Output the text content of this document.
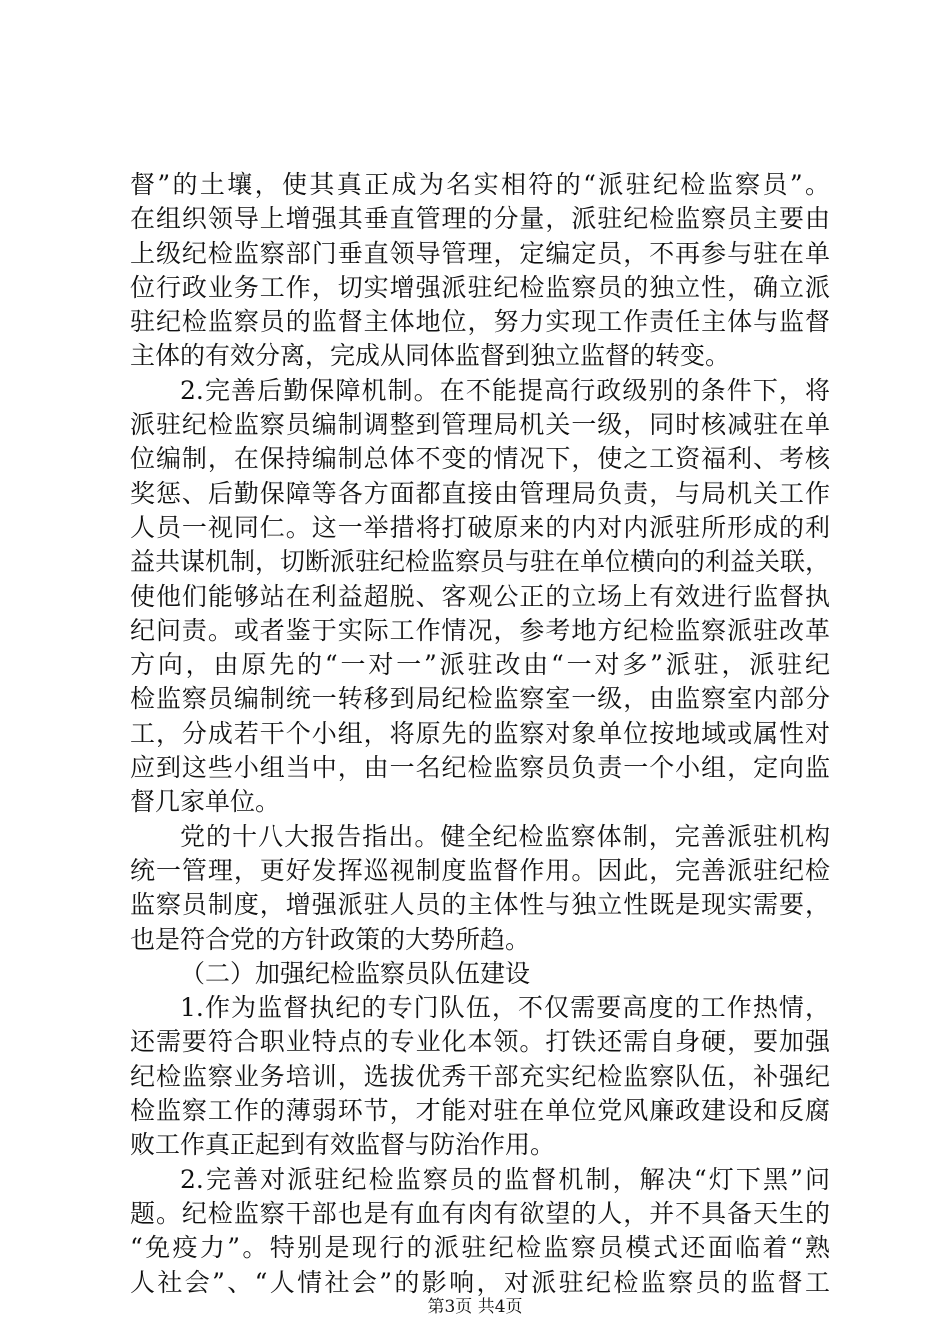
督”的土壤，使其真正成为名实相符的“派驻纪检监察员”。
在组织领导上增强其垂直管理的分量，派驻纪检监察员主要由
上级纪检监察部门垂直领导管理，定编定员，不再参与驻在单
位行政业务工作，切实增强派驻纪检监察员的独立性，确立派
驻纪检监察员的监督主体地位，努力实现工作责任主体与监督
主体的有效分离，完成从同体监督到独立监督的转变。
2.完善后勤保障机制。在不能提高行政级别的条件下，将
派驻纪检监察员编制调整到管理局机关一级，同时核减驻在单
位编制，在保持编制总体不变的情况下，使之工资福利、考核
奖惩、后勤保障等各方面都直接由管理局负责，与局机关工作
人员一视同仁。这一举措将打破原来的内对内派驻所形成的利
益共谋机制，切断派驻纪检监察员与驻在单位横向的利益关联，
使他们能够站在利益超脱、客观公正的立场上有效进行监督执
纪问责。或者鉴于实际工作情况，参考地方纪检监察派驻改革
方向，由原先的“一对一”派驻改由“一对多”派驻，派驻纪
检监察员编制统一转移到局纪检监察室一级，由监察室内部分
工，分成若干个小组，将原先的监察对象单位按地域或属性对
应到这些小组当中，由一名纪检监察员负责一个小组，定向监
督几家单位。
党的十八大报告指出。健全纪检监察体制，完善派驻机构
统一管理，更好发挥巡视制度监督作用。因此，完善派驻纪检
监察员制度，增强派驻人员的主体性与独立性既是现实需要，
也是符合党的方针政策的大势所趋。
（二）加强纪检监察员队伍建设
1.作为监督执纪的专门队伍，不仅需要高度的工作热情，
还需要符合职业特点的专业化本领。打铁还需自身硬，要加强
纪检监察业务培训，选拔优秀干部充实纪检监察队伍，补强纪
检监察工作的薄弱环节，才能对驻在单位党风廉政建设和反腐
败工作真正起到有效监督与防治作用。
2.完善对派驻纪检监察员的监督机制，解决“灯下黑”问
题。纪检监察干部也是有血有肉有欲望的人，并不具备天生的
“免疫力”。特别是现行的派驻纪检监察员模式还面临着“熟
人社会”、“人情社会”的影响，对派驻纪检监察员的监督工
第3页 共4页
